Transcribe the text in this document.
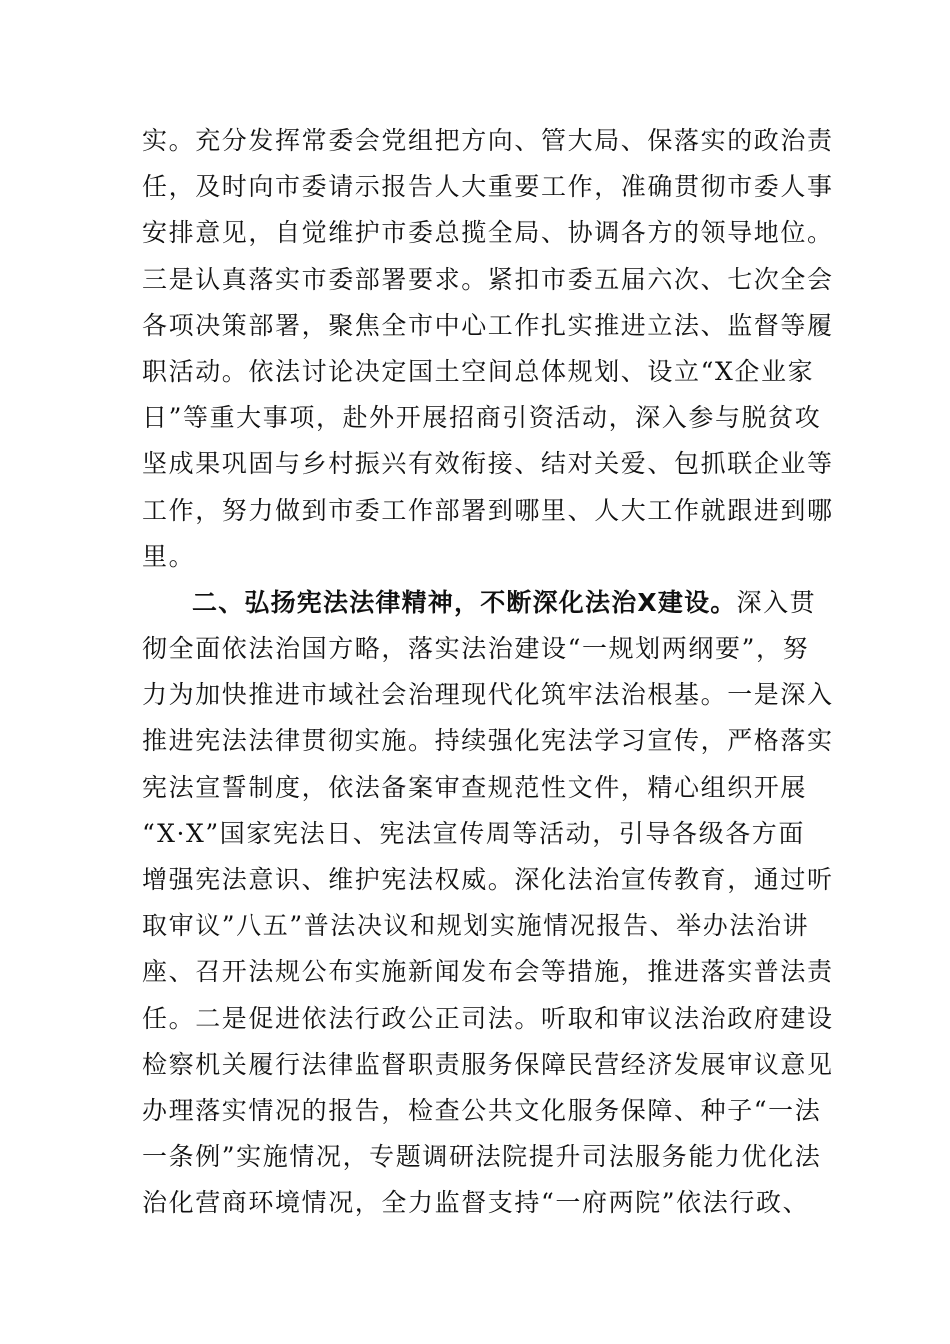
实。充分发挥常委会党组把方向、管大局、保落实的政治责
任，及时向市委请示报告人大重要工作，准确贯彻市委人事
安排意见，自觉维护市委总揽全局、协调各方的领导地位。
三是认真落实市委部署要求。紧扣市委五届六次、七次全会
各项决策部署，聚焦全市中心工作扎实推进立法、监督等履
职活动。依法讨论决定国土空间总体规划、设立“X企业家
日”等重大事项，赴外开展招商引资活动，深入参与脱贫攻
坚成果巩固与乡村振兴有效衔接、结对关爱、包抓联企业等
工作，努力做到市委工作部署到哪里、人大工作就跟进到哪
里。
二、弘扬宪法法律精神，不断深化法治X建设。深入贯
彻全面依法治国方略，落实法治建设“一规划两纲要”，努
力为加快推进市域社会治理现代化筑牢法治根基。一是深入
推进宪法法律贯彻实施。持续强化宪法学习宣传，严格落实
宪法宣誓制度，依法备案审查规范性文件，精心组织开展
“X·X”国家宪法日、宪法宣传周等活动，引导各级各方面
增强宪法意识、维护宪法权威。深化法治宣传教育，通过听
取审议”八五”普法决议和规划实施情况报告、举办法治讲
座、召开法规公布实施新闻发布会等措施，推进落实普法责
任。二是促进依法行政公正司法。听取和审议法治政府建设
检察机关履行法律监督职责服务保障民营经济发展审议意见
办理落实情况的报告，检查公共文化服务保障、种子“一法
一条例”实施情况，专题调研法院提升司法服务能力优化法
治化营商环境情况，全力监督支持“一府两院”依法行政、
